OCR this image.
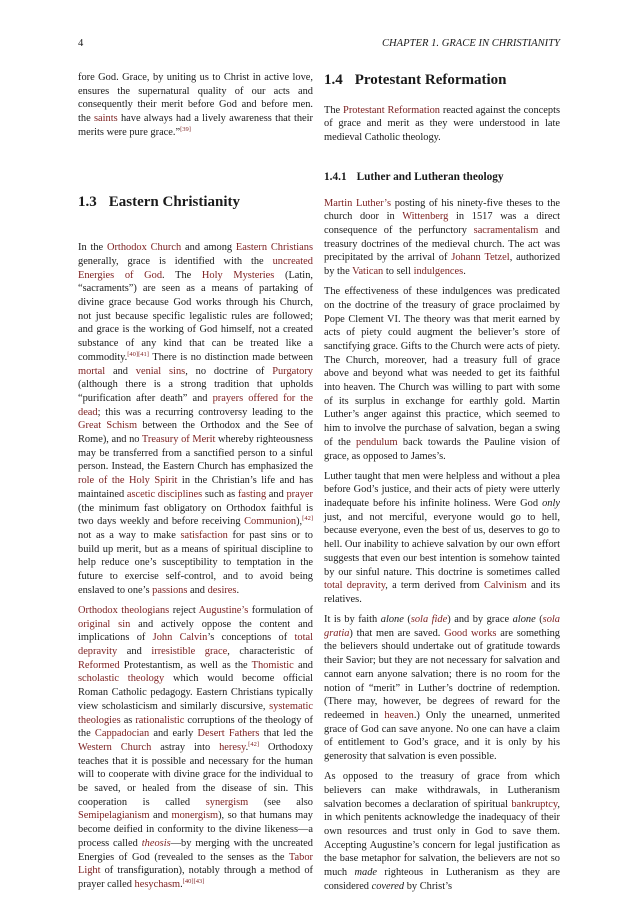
4	CHAPTER 1. GRACE IN CHRISTIANITY

fore God. Grace, by uniting us to Christ in active love, ensures the supernatural quality of our acts and consequently their merit before God and before men. the saints have always had a lively awareness that their merits were pure grace.”[39]

1.3 Eastern Christianity

In the Orthodox Church and among Eastern Christians generally, grace is identified with the uncreated Energies of God. The Holy Mysteries (Latin, “sacraments”) are seen as a means of partaking of divine grace because God works through his Church, not just because specific legalistic rules are followed; and grace is the working of God himself, not a created substance of any kind that can be treated like a commodity.[40][41] There is no distinction made between mortal and venial sins, no doctrine of Purgatory (although there is a strong tradition that upholds “purification after death” and prayers offered for the dead; this was a recurring controversy leading to the Great Schism between the Orthodox and the See of Rome), and no Treasury of Merit whereby righteousness may be transferred from a sanctified person to a sinful person. Instead, the Eastern Church has emphasized the role of the Holy Spirit in the Christian’s life and has maintained ascetic disciplines such as fasting and prayer (the minimum fast obligatory on Orthodox faithful is two days weekly and before receiving Communion),[42] not as a way to make satisfaction for past sins or to build up merit, but as a means of spiritual discipline to help reduce one’s susceptibility to temptation in the future to exercise self-control, and to avoid being enslaved to one’s passions and desires.

Orthodox theologians reject Augustine’s formulation of original sin and actively oppose the content and implications of John Calvin’s conceptions of total depravity and irresistible grace, characteristic of Reformed Protestantism, as well as the Thomistic and scholastic theology which would become official Roman Catholic pedagogy. Eastern Christians typically view scholasticism and similarly discursive, systematic theologies as rationalistic corruptions of the theology of the Cappadocian and early Desert Fathers that led the Western Church astray into heresy.[42] Orthodoxy teaches that it is possible and necessary for the human will to cooperate with divine grace for the individual to be saved, or healed from the disease of sin. This cooperation is called synergism (see also Semipelagianism and monergism), so that humans may become deified in conformity to the divine likeness—a process called theosis—by merging with the uncreated Energies of God (revealed to the senses as the Tabor Light of transfiguration), notably through a method of prayer called hesychasm.[40][43]

1.4 Protestant Reformation

The Protestant Reformation reacted against the concepts of grace and merit as they were understood in late medieval Catholic theology.

1.4.1 Luther and Lutheran theology

Martin Luther’s posting of his ninety-five theses to the church door in Wittenberg in 1517 was a direct consequence of the perfunctory sacramentalism and treasury doctrines of the medieval church. The act was precipitated by the arrival of Johann Tetzel, authorized by the Vatican to sell indulgences.

The effectiveness of these indulgences was predicated on the doctrine of the treasury of grace proclaimed by Pope Clement VI. The theory was that merit earned by acts of piety could augment the believer’s store of sanctifying grace. Gifts to the Church were acts of piety. The Church, moreover, had a treasury full of grace above and beyond what was needed to get its faithful into heaven. The Church was willing to part with some of its surplus in exchange for earthly gold. Martin Luther’s anger against this practice, which seemed to him to involve the purchase of salvation, began a swing of the pendulum back towards the Pauline vision of grace, as opposed to James’s.

Luther taught that men were helpless and without a plea before God’s justice, and their acts of piety were utterly inadequate before his infinite holiness. Were God only just, and not merciful, everyone would go to hell, because everyone, even the best of us, deserves to go to hell. Our inability to achieve salvation by our own effort suggests that even our best intention is somehow tainted by our sinful nature. This doctrine is sometimes called total depravity, a term derived from Calvinism and its relatives.

It is by faith alone (sola fide) and by grace alone (sola gratia) that men are saved. Good works are something the believers should undertake out of gratitude towards their Savior; but they are not necessary for salvation and cannot earn anyone salvation; there is no room for the notion of “merit” in Luther’s doctrine of redemption. (There may, however, be degrees of reward for the redeemed in heaven.) Only the unearned, unmerited grace of God can save anyone. No one can have a claim of entitlement to God’s grace, and it is only by his generosity that salvation is even possible.

As opposed to the treasury of grace from which believers can make withdrawals, in Lutheranism salvation becomes a declaration of spiritual bankruptcy, in which penitents acknowledge the inadequacy of their own resources and trust only in God to save them. Accepting Augustine’s concern for legal justification as the base metaphor for salvation, the believers are not so much made righteous in Lutheranism as they are considered covered by Christ’s
